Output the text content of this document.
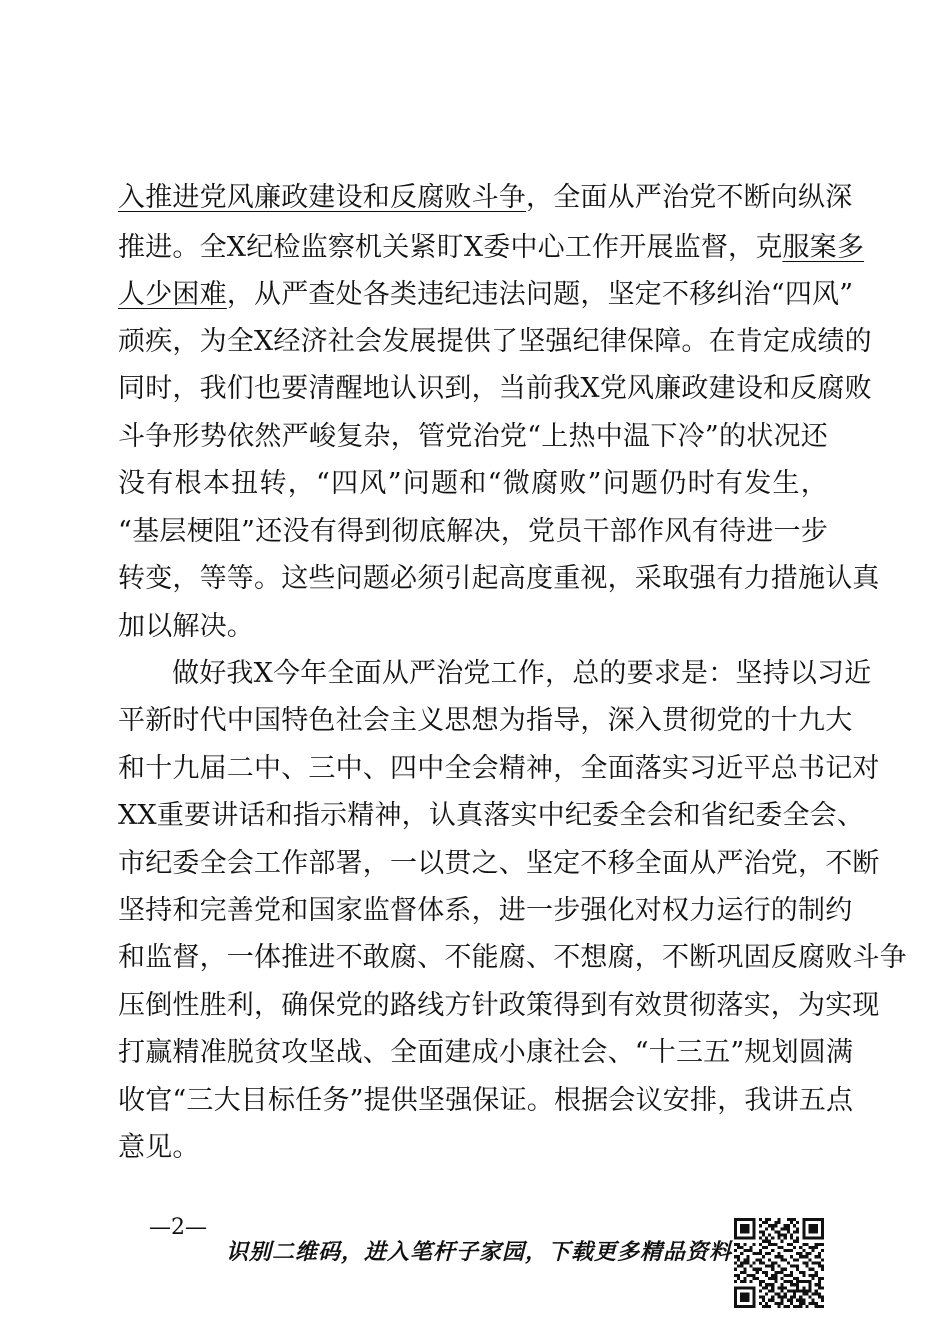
入推进党风廉政建设和反腐败斗争，全面从严治党不断向纵深
推进。全X纪检监察机关紧盯X委中心工作开展监督，克服案多
人少困难，从严查处各类违纪违法问题，坚定不移纠治“四风”
顽疾，为全X经济社会发展提供了坚强纪律保障。在肯定成绩的
同时，我们也要清醒地认识到，当前我X党风廉政建设和反腐败
斗争形势依然严峻复杂，管党治党“上热中温下冷”的状况还
没有根本扭转，“四风”问题和“微腐败”问题仍时有发生，
“基层梗阻”还没有得到彻底解决，党员干部作风有待进一步
转变，等等。这些问题必须引起高度重视，采取强有力措施认真
加以解决。
做好我X今年全面从严治党工作，总的要求是：坚持以习近
平新时代中国特色社会主义思想为指导，深入贯彻党的十九大
和十九届二中、三中、四中全会精神，全面落实习近平总书记对
XX重要讲话和指示精神，认真落实中纪委全会和省纪委全会、
市纪委全会工作部署，一以贯之、坚定不移全面从严治党，不断
坚持和完善党和国家监督体系，进一步强化对权力运行的制约
和监督，一体推进不敢腐、不能腐、不想腐，不断巩固反腐败斗争
压倒性胜利，确保党的路线方针政策得到有效贯彻落实，为实现
打赢精准脱贫攻坚战、全面建成小康社会、“十三五”规划圆满
收官“三大目标任务”提供坚强保证。根据会议安排，我讲五点
意见。
—2—
识别二维码，进入笔杆子家园，下载更多精品资料
